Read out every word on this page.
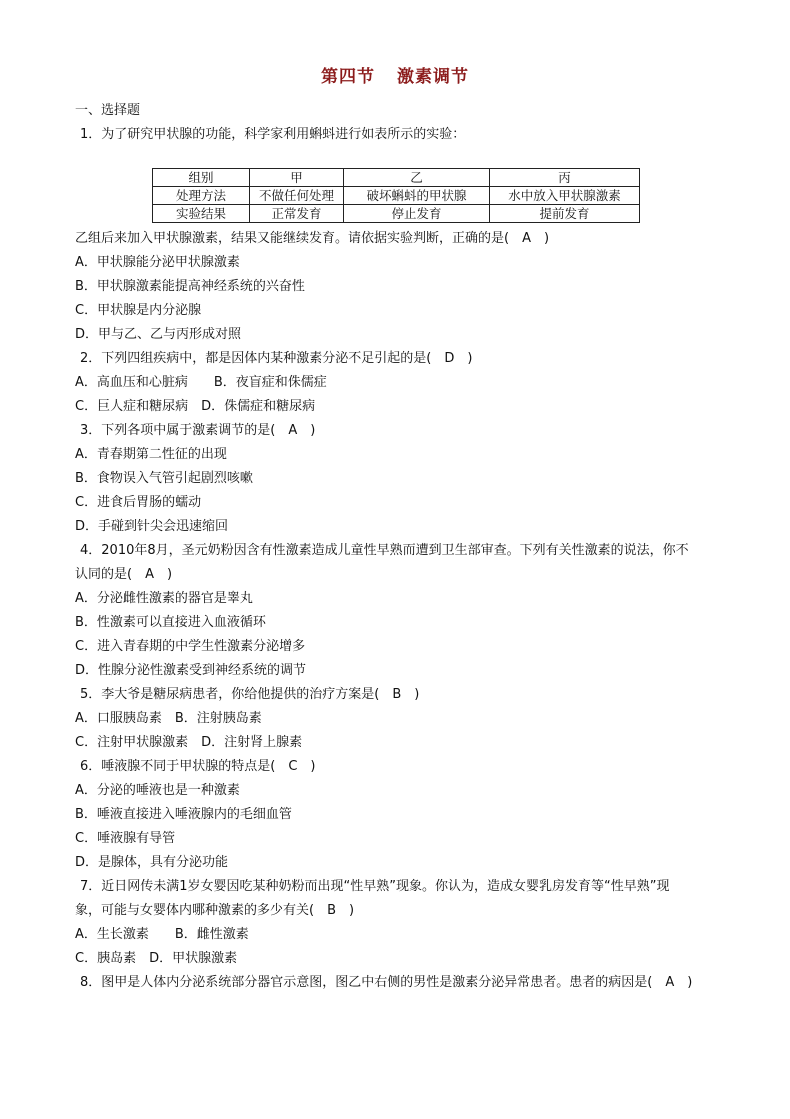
第四节 激素调节
一、选择题
1．为了研究甲状腺的功能，科学家利用蝌蚪进行如表所示的实验：
组别	甲	乙	丙
处理方法	不做任何处理	破坏蝌蚪的甲状腺	水中放入甲状腺激素
实验结果	正常发育	停止发育	提前发育
乙组后来加入甲状腺激素，结果又能继续发育。请依据实验判断，正确的是(　A　)
A．甲状腺能分泌甲状腺激素
B．甲状腺激素能提高神经系统的兴奋性
C．甲状腺是内分泌腺
D．甲与乙、乙与丙形成对照
2．下列四组疾病中，都是因体内某种激素分泌不足引起的是(　D　)
A．高血压和心脏病　　B．夜盲症和侏儒症
C．巨人症和糖尿病　D．侏儒症和糖尿病
3．下列各项中属于激素调节的是(　A　)
A．青春期第二性征的出现
B．食物误入气管引起剧烈咳嗽
C．进食后胃肠的蠕动
D．手碰到针尖会迅速缩回
4．2010年8月，圣元奶粉因含有性激素造成儿童性早熟而遭到卫生部审查。下列有关性激素的说法，你不
认同的是(　A　)
A．分泌雌性激素的器官是睾丸
B．性激素可以直接进入血液循环
C．进入青春期的中学生性激素分泌增多
D．性腺分泌性激素受到神经系统的调节
5．李大爷是糖尿病患者，你给他提供的治疗方案是(　B　)
A．口服胰岛素　B．注射胰岛素
C．注射甲状腺激素　D．注射肾上腺素
6．唾液腺不同于甲状腺的特点是(　C　)
A．分泌的唾液也是一种激素
B．唾液直接进入唾液腺内的毛细血管
C．唾液腺有导管
D．是腺体，具有分泌功能
7．近日网传未满1岁女婴因吃某种奶粉而出现“性早熟”现象。你认为，造成女婴乳房发育等“性早熟”现
象，可能与女婴体内哪种激素的多少有关(　B　)
A．生长激素　　B．雌性激素
C．胰岛素　D．甲状腺激素
8．图甲是人体内分泌系统部分器官示意图，图乙中右侧的男性是激素分泌异常患者。患者的病因是(　A　)
